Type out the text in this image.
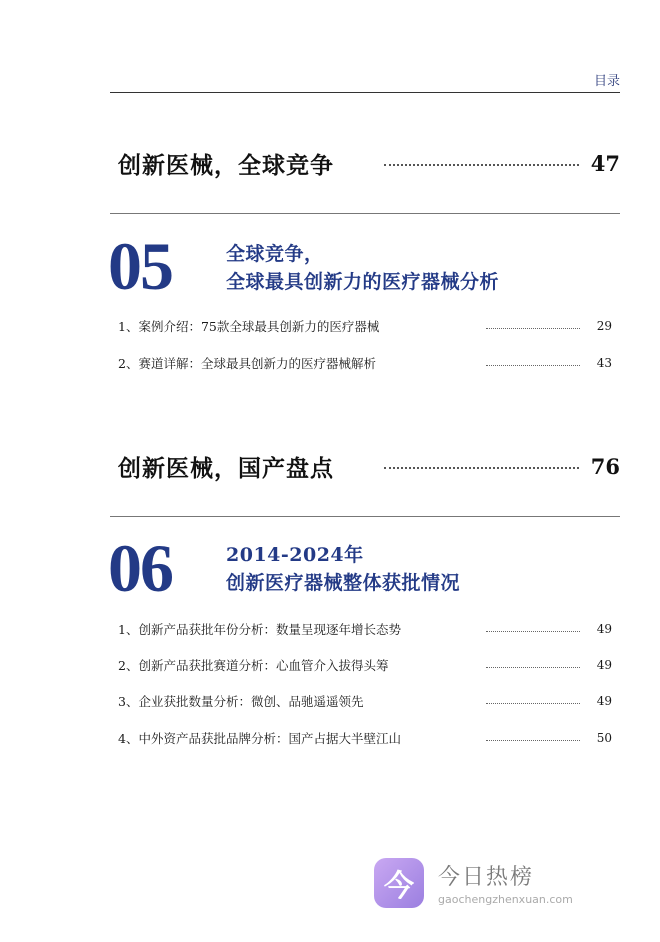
目录
创新医械，全球竞争	47
05	全球竞争，
全球最具创新力的医疗器械分析
1、案例介绍：75款全球最具创新力的医疗器械	29
2、赛道详解：全球最具创新力的医疗器械解析	43
创新医械，国产盘点	76
06	2014-2024年
创新医疗器械整体获批情况
1、创新产品获批年份分析：数量呈现逐年增长态势	49
2、创新产品获批赛道分析：心血管介入拔得头筹	49
3、企业获批数量分析：微创、品驰遥遥领先	49
4、中外资产品获批品牌分析：国产占据大半壁江山	50
今	今日热榜
gaochengzhenxuan.com
